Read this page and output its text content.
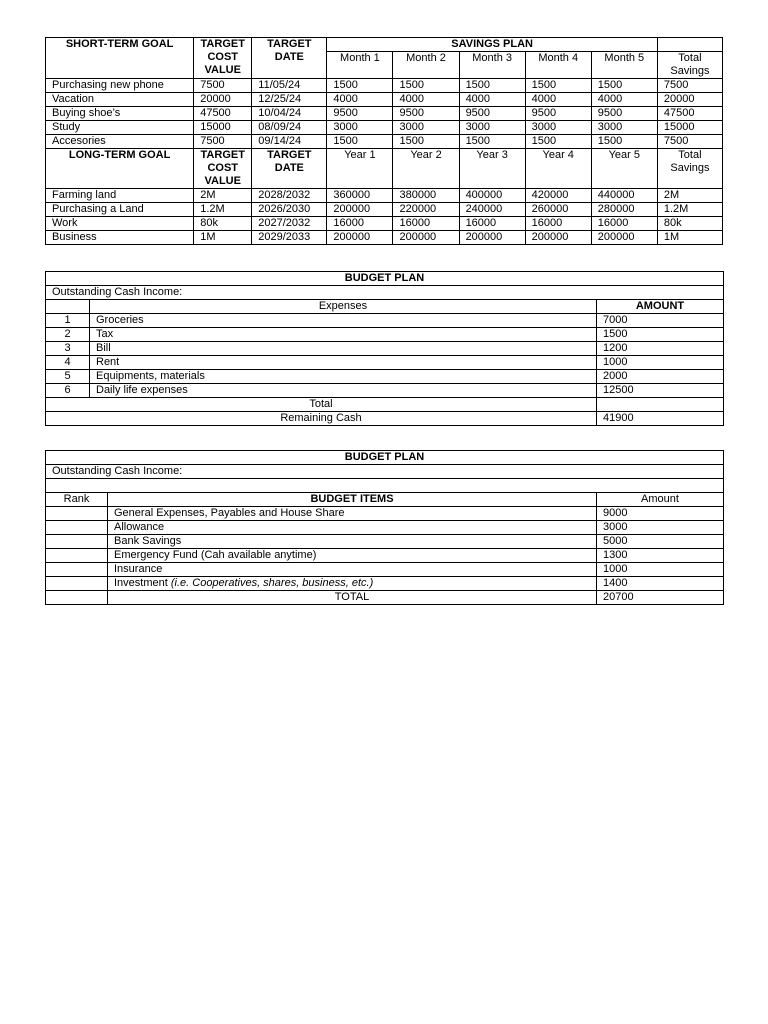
SHORT-TERM GOAL	TARGET COST VALUE	TARGET DATE	SAVINGS PLAN					
			Month 1	Month 2	Month 3	Month 4	Month 5	Total Savings

Purchasing new phone	7500	11/05/24	1500	1500	1500	1500	1500	7500
Vacation	20000	12/25/24	4000	4000	4000	4000	4000	20000
Buying shoe’s	47500	10/04/24	9500	9500	9500	9500	9500	47500
Study	15000	08/09/24	3000	3000	3000	3000	3000	15000
Accesories	7500	09/14/24	1500	1500	1500	1500	1500	7500
LONG-TERM GOAL	TARGET COST VALUE	TARGET DATE	Year 1	Year 2	Year 3	Year 4	Year 5	Total Savings

Farming land	2M	2028/2032	360000	380000	400000	420000	440000	2M
Purchasing a Land	1.2M	2026/2030	200000	220000	240000	260000	280000	1.2M
Work	80k	2027/2032	16000	16000	16000	16000	16000	80k
Business	1M	2029/2033	200000	200000	200000	200000	200000	1M
BUDGET PLAN		
Outstanding Cash Income:		
	Expenses	AMOUNT
1	Groceries	7000
2	Tax	1500
3	Bill	1200
4	Rent	1000
5	Equipments, materials	2000
6	Daily life expenses	12500
Total		
Remaining Cash		41900
BUDGET PLAN		
Outstanding Cash Income:		

Rank	BUDGET ITEMS	Amount
	General Expenses, Payables and House Share	9000
	Allowance	3000
	Bank Savings	5000
	Emergency Fund (Cah available anytime)	1300
	Insurance	1000
	Investment (i.e. Cooperatives, shares, business, etc.)	1400
	TOTAL	20700
